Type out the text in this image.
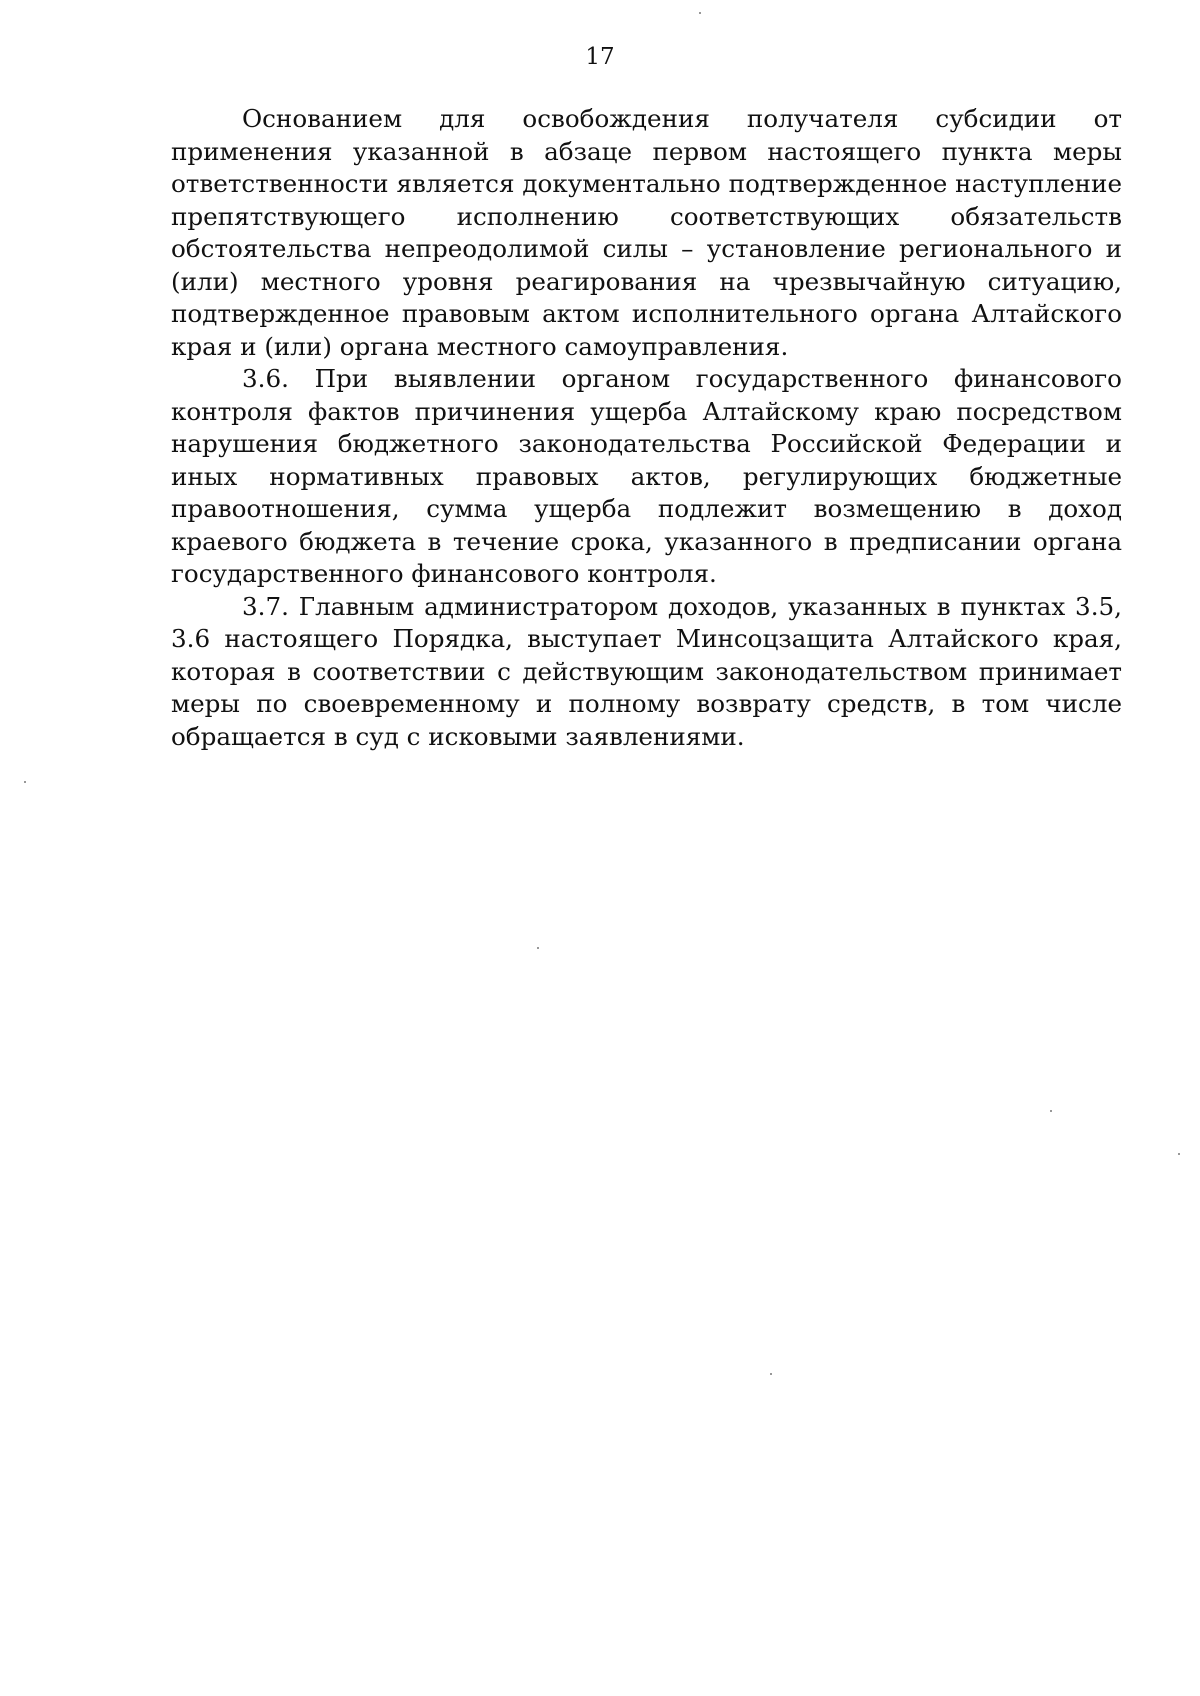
17

Основанием для освобождения получателя субсидии от применения указанной в абзаце первом настоящего пункта меры ответственности является документально подтвержденное наступление препятствующего исполнению соответствующих обязательств обстоятельства непреодолимой силы – установление регионального и (или) местного уровня реагирования на чрезвычайную ситуацию, подтвержденное правовым актом исполнительного органа Алтайского края и (или) органа местного самоуправления.

3.6. При выявлении органом государственного финансового контроля фактов причинения ущерба Алтайскому краю посредством нарушения бюджетного законодательства Российской Федерации и иных нормативных правовых актов, регулирующих бюджетные правоотношения, сумма ущерба подлежит возмещению в доход краевого бюджета в течение срока, указанного в предписании органа государственного финансового контроля.

3.7. Главным администратором доходов, указанных в пунктах 3.5, 3.6 настоящего Порядка, выступает Минсоцзащита Алтайского края, которая в соответствии с действующим законодательством принимает меры по своевременному и полному возврату средств, в том числе обращается в суд с исковыми заявлениями.
